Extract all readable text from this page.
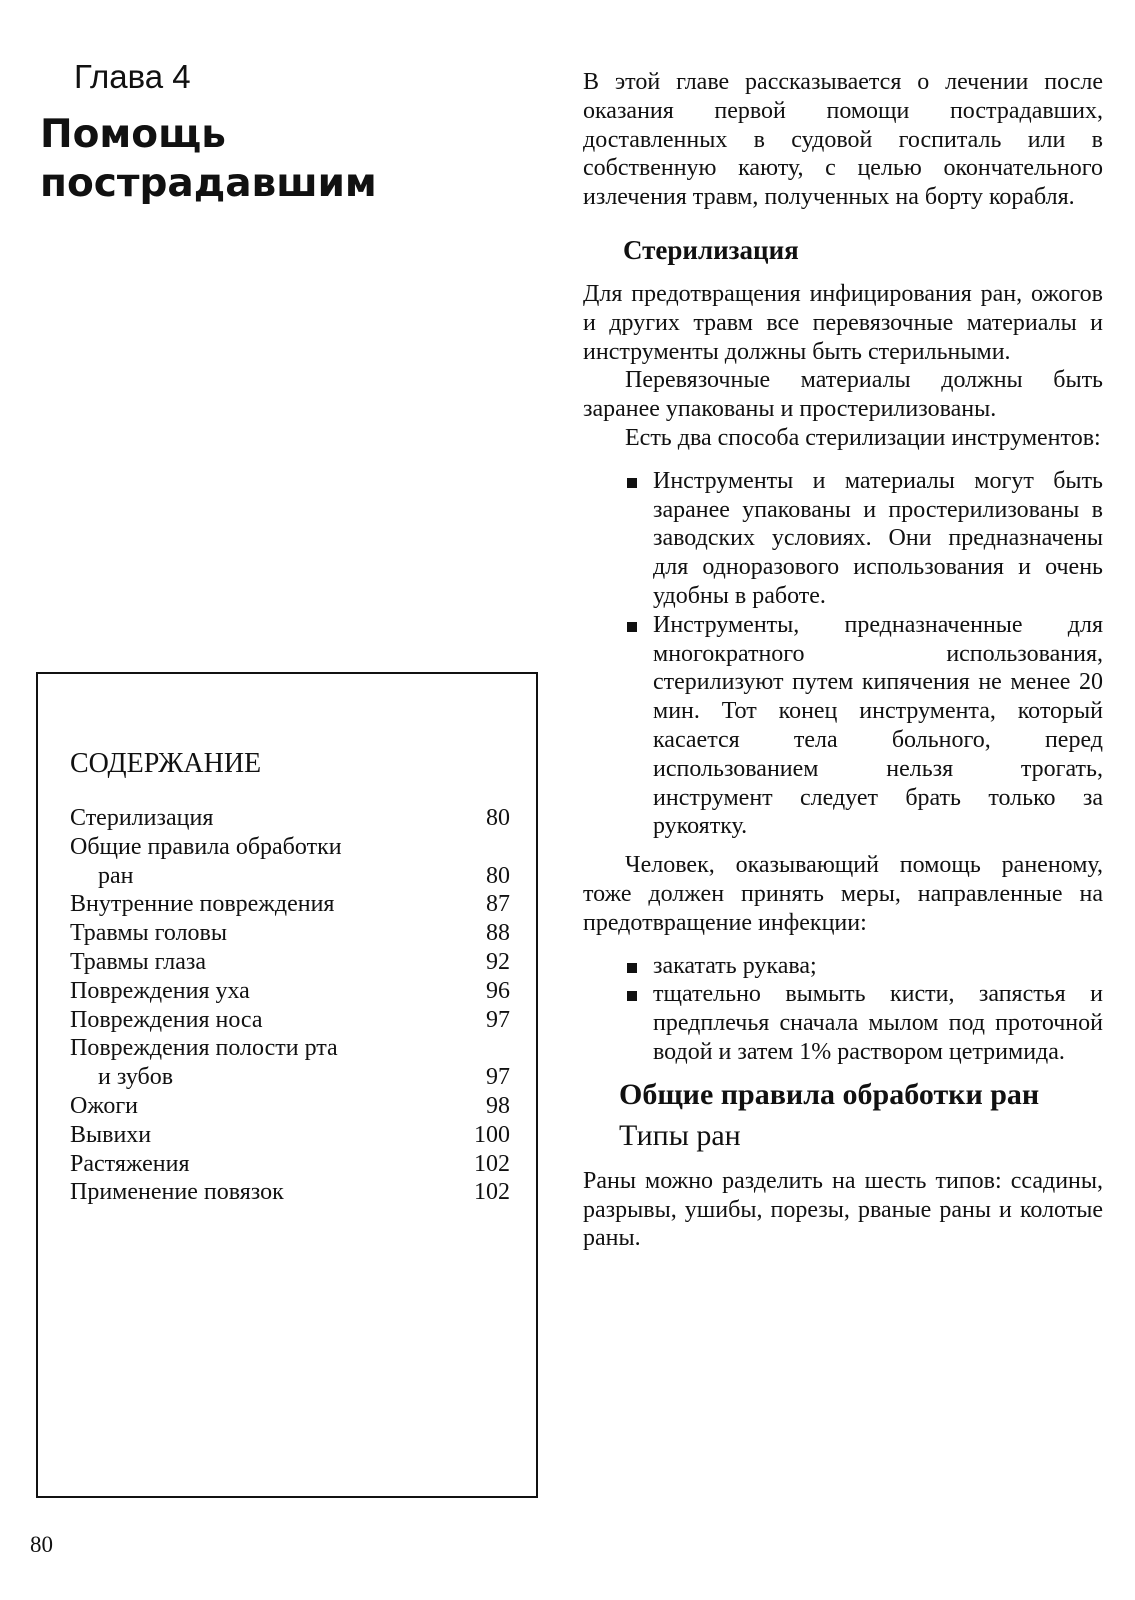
Глава 4
Помощь
пострадавшим

В этой главе рассказывается о лечении после оказания первой помощи пострадавших, доставленных в судовой госпиталь или в собственную каюту, с целью окончательного излечения травм, полученных на борту корабля.

Стерилизация

Для предотвращения инфицирования ран, ожогов и других травм все перевязочные материалы и инструменты должны быть стерильными.

Перевязочные материалы должны быть заранее упакованы и простерилизованы.

Есть два способа стерилизации инструментов:

Инструменты и материалы могут быть заранее упакованы и простерилизованы в заводских условиях. Они предназначены для одноразового использования и очень удобны в работе.
Инструменты, предназначенные для многократного использования, стерилизуют путем кипячения не менее 20 мин. Тот конец инструмента, который касается тела больного, перед использованием нельзя трогать, инструмент следует брать только за рукоятку.

Человек, оказывающий помощь раненому, тоже должен принять меры, направленные на предотвращение инфекции:

закатать рукава;
тщательно вымыть кисти, запястья и предплечья сначала мылом под проточной водой и затем 1% раствором цетримида.
Общие правила обработки ран
Типы ран

Раны можно разделить на шесть типов: ссадины, разрывы, ушибы, порезы, рваные раны и колотые раны.

СОДЕРЖАНИЕ
Стерилизация	80
Общие правила обработки
ран	80
Внутренние повреждения	87
Травмы головы	88
Травмы глаза	92
Повреждения уха	96
Повреждения носа	97
Повреждения полости рта
и зубов	97
Ожоги	98
Вывихи	100
Растяжения	102
Применение повязок	102
80
